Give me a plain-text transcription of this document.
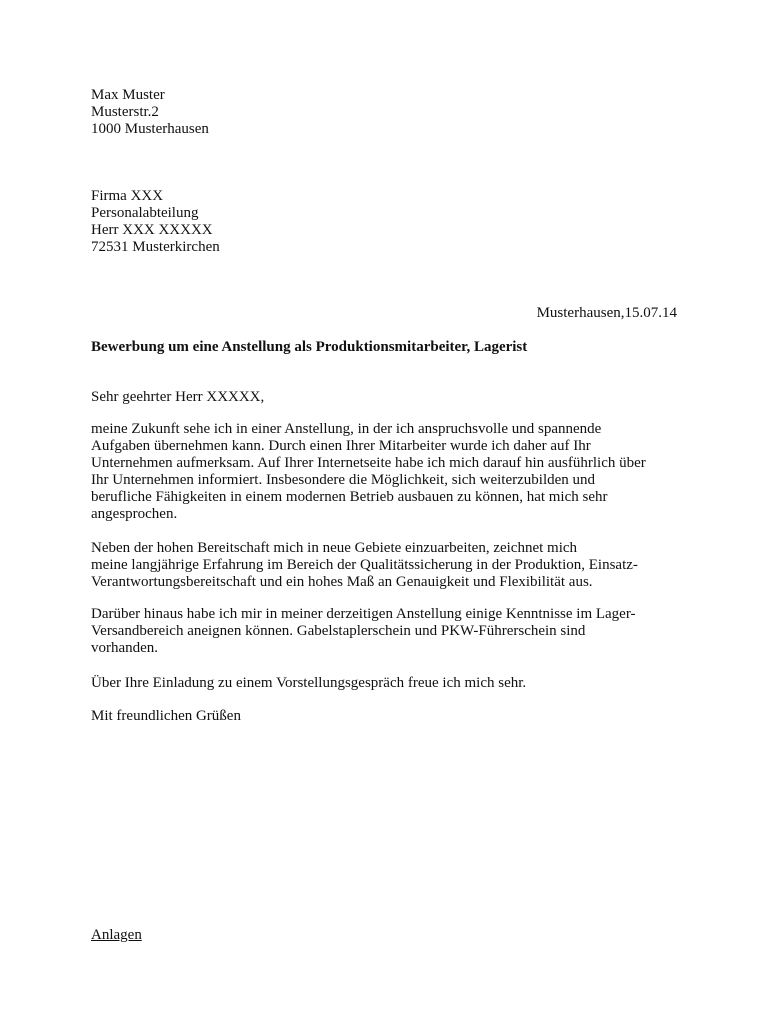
Max Muster
Musterstr.2
1000 Musterhausen
Firma XXX
Personalabteilung
Herr XXX XXXXX
72531 Musterkirchen
Musterhausen,15.07.14
Bewerbung um eine Anstellung als Produktionsmitarbeiter, Lagerist
Sehr geehrter Herr XXXXX,
meine Zukunft sehe ich in einer Anstellung, in der ich anspruchsvolle und spannende
Aufgaben übernehmen kann. Durch einen Ihrer Mitarbeiter wurde ich daher auf Ihr
Unternehmen aufmerksam. Auf Ihrer Internetseite habe ich mich darauf hin ausführlich über
Ihr Unternehmen informiert. Insbesondere die Möglichkeit, sich weiterzubilden und
berufliche Fähigkeiten in einem modernen Betrieb ausbauen zu können, hat mich sehr
angesprochen.
Neben der hohen Bereitschaft mich in neue Gebiete einzuarbeiten, zeichnet mich
meine langjährige Erfahrung im Bereich der Qualitätssicherung in der Produktion, Einsatz-
Verantwortungsbereitschaft und ein hohes Maß an Genauigkeit und Flexibilität aus.
Darüber hinaus habe ich mir in meiner derzeitigen Anstellung einige Kenntnisse im Lager-
Versandbereich aneignen können. Gabelstaplerschein und PKW-Führerschein sind
vorhanden.
Über Ihre Einladung zu einem Vorstellungsgespräch freue ich mich sehr.
Mit freundlichen Grüßen
Anlagen
